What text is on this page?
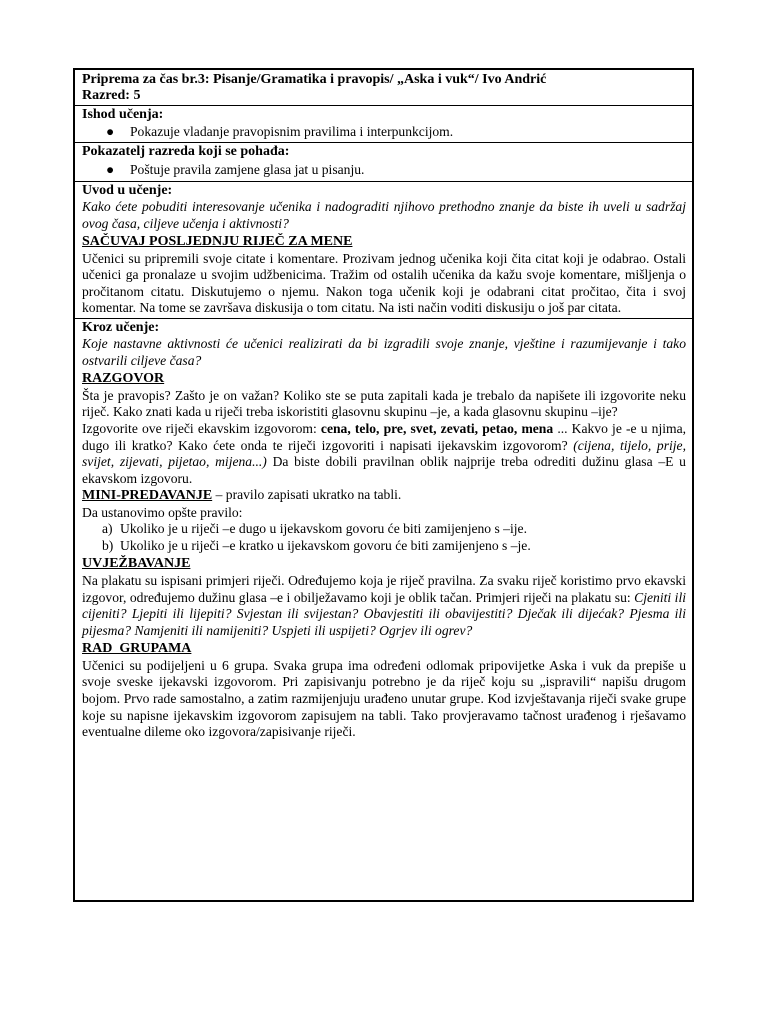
Priprema za čas br.3: Pisanje/Gramatika i pravopis/ „Aska i vuk“/ Ivo Andrić
Razred: 5
Ishod učenja:
● Pokazuje vladanje pravopisnim pravilima i interpunkcijom.
Pokazatelj razreda koji se pohađa:
● Poštuje pravila zamjene glasa jat u pisanju.
Uvod u učenje:

Kako ćete pobuditi interesovanje učenika i nadograditi njihovo prethodno znanje da biste ih uveli u sadržaj ovog časa, ciljeve učenja i aktivnosti?

SAČUVAJ POSLJEDNJU RIJEČ ZA MENE

Učenici su pripremili svoje citate i komentare. Prozivam jednog učenika koji čita citat koji je odabrao. Ostali učenici ga pronalaze u svojim udžbenicima. Tražim od ostalih učenika da kažu svoje komentare, mišljenja o pročitanom citatu. Diskutujemo o njemu. Nakon toga učenik koji je odabrani citat pročitao, čita i svoj komentar. Na tome se završava diskusija o tom citatu. Na isti način voditi diskusiju o još par citata.

Kroz učenje:

Koje nastavne aktivnosti će učenici realizirati da bi izgradili svoje znanje, vještine i razumijevanje i tako ostvarili ciljeve časa?

RAZGOVOR

Šta je pravopis? Zašto je on važan? Koliko ste se puta zapitali kada je trebalo da napišete ili izgovorite neku riječ. Kako znati kada u riječi treba iskoristiti glasovnu skupinu –je, a kada glasovnu skupinu –ije?

Izgovorite ove riječi ekavskim izgovorom: cena, telo, pre, svet, zevati, petao, mena ... Kakvo je -e u njima, dugo ili kratko? Kako ćete onda te riječi izgovoriti i napisati ijekavskim izgovorom? (cijena, tijelo, prije, svijet, zijevati, pijetao, mijena...) Da biste dobili pravilnan oblik najprije treba odrediti dužinu glasa –E u ekavskom izgovoru.

MINI-PREDAVANJE – pravilo zapisati ukratko na tabli.

Da ustanovimo opšte pravilo:

a) Ukoliko je u riječi –e dugo u ijekavskom govoru će biti zamijenjeno s –ije.
b) Ukoliko je u riječi –e kratko u ijekavskom govoru će biti zamijenjeno s –je.
UVJEŽBAVANJE

Na plakatu su ispisani primjeri riječi. Određujemo koja je riječ pravilna. Za svaku riječ koristimo prvo ekavski izgovor, određujemo dužinu glasa –e i obilježavamo koji je oblik tačan. Primjeri riječi na plakatu su: Cjeniti ili cijeniti? Ljepiti ili lijepiti? Svjestan ili svijestan? Obavjestiti ili obavijestiti? Dječak ili dijećak? Pjesma ili pijesma? Namjeniti ili namijeniti? Uspjeti ili uspijeti? Ogrjev ili ogrev?

RAD  GRUPAMA

Učenici su podijeljeni u 6 grupa. Svaka grupa ima određeni odlomak pripovijetke Aska i vuk da prepiše u svoje sveske ijekavski izgovorom. Pri zapisivanju potrebno je da riječ koju su „ispravili“ napišu drugom bojom. Prvo rade samostalno, a zatim razmijenjuju urađeno unutar grupe. Kod izvještavanja riječi svake grupe koje su napisne ijekavskim izgovorom zapisujem na tabli. Tako provjeravamo tačnost urađenog i rješavamo eventualne dileme oko izgovora/zapisivanje riječi.
